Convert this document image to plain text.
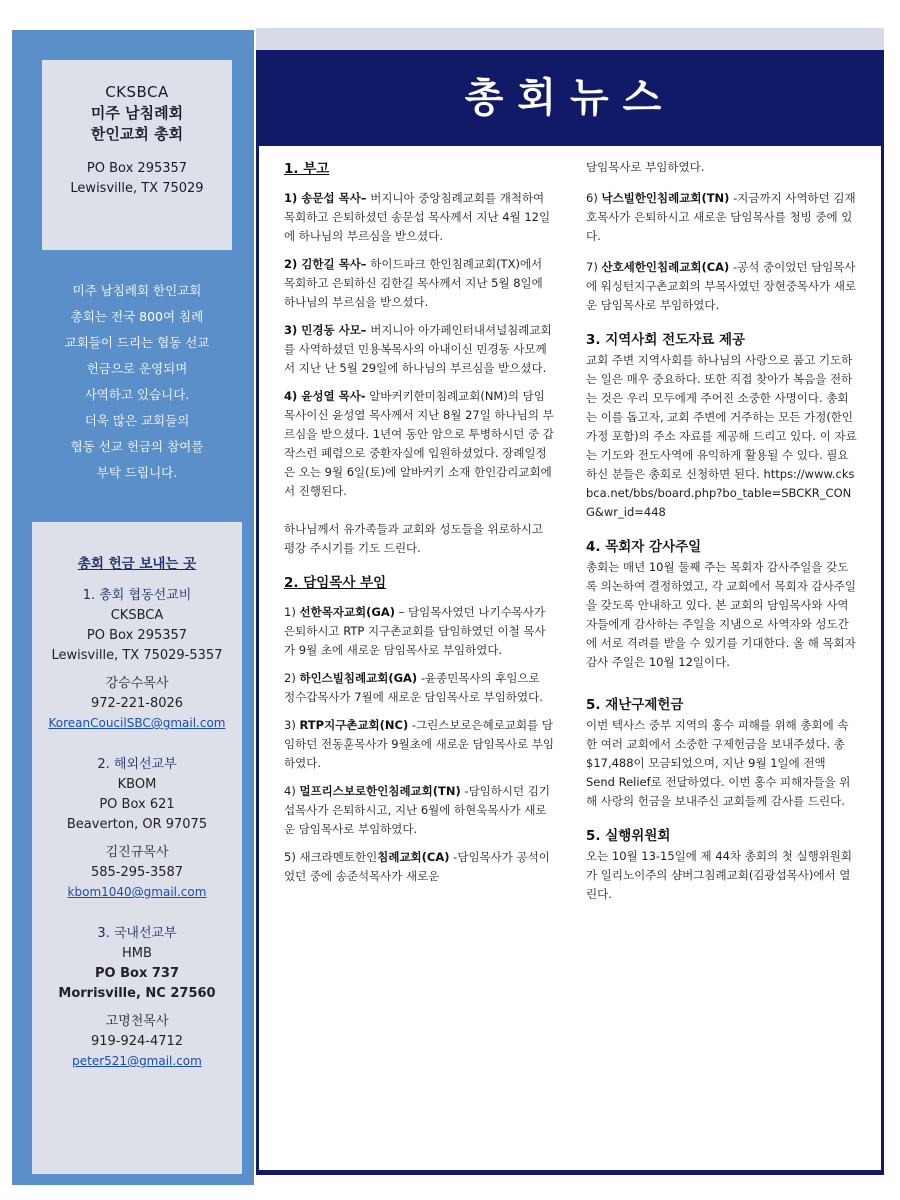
CKSBCA
미주 남침례회
한인교회 총회
PO Box 295357
Lewisville, TX 75029
미주 남침례회 한인교회
총회는 전국 800여 침례
교회들이 드리는 협동 선교
헌금으로 운영되며
사역하고 있습니다.
더욱 많은 교회들의
협동 선교 헌금의 참여를
부탁 드립니다.
총회 헌금 보내는 곳
1. 총회 협동선교비
CKSBCA
PO Box 295357
Lewisville, TX 75029-5357
강승수목사
972-221-8026
KoreanCoucilSBC@gmail.com
2. 해외선교부
KBOM
PO Box 621
Beaverton, OR 97075
김진규목사
585-295-3587
kbom1040@gmail.com
3. 국내선교부
HMB
PO Box 737
Morrisville, NC 27560
고명천목사
919-924-4712
peter521@gmail.com
총회뉴스
1. 부고
1) 송문섭 목사– 버지니아 중앙침례교회를 개척하여 목회하고 은퇴하셨던 송문섭 목사께서 지난 4월 12일에 하나님의 부르심을 받으셨다.
2) 김한길 목사– 하이드파크 한인침례교회(TX)에서 목회하고 은퇴하신 김한길 목사께서 지난 5월 8일에 하나님의 부르심을 받으셨다.
3) 민경동 사모– 버지니아 아가페인터내셔널침례교회를 사역하셨던 민용복목사의 아내이신 민경동 사모께서 지난 난 5월 29일에 하나님의 부르심을 받으셨다.
4) 윤성열 목사- 알바커키한미침례교회(NM)의 담임목사이신 윤성열 목사께서 지난 8월 27일 하나님의 부르심을 받으셨다. 1년여 동안 암으로 투병하시던 중 갑작스런 폐렴으로 중환자실에 입원하셨었다. 장례일정은 오는 9월 6일(토)에 알바커키 소재 한인감리교회에서 진행된다.
하나님께서 유가족들과 교회와 성도들을 위로하시고 평강 주시기를 기도 드린다.
2. 담임목사 부임
1) 선한목자교회(GA) – 담임목사였던 나기수목사가 은퇴하시고 RTP 지구촌교회를 담임하였던 이철 목사가 9월 초에 새로운 담임목사로 부임하였다.
2) 하인스빌침례교회(GA) -윤종민목사의 후임으로 정수갑목사가 7월에 새로운 담임목사로 부임하였다.
3) RTP지구촌교회(NC) -그린스보로은혜로교회를 담임하던 전동훈목사가 9월초에 새로운 담임목사로 부임하였다.
4) 멀프리스보로한인침례교회(TN) -담임하시던 김기섭목사가 은퇴하시고, 지난 6월에 하현욱목사가 새로운 담임목사로 부임하였다.
5) 새크라멘토한인침례교회(CA) -담임목사가 공석이었던 중에 송준석목사가 새로운
담임목사로 부임하였다.
6) 낙스빌한인침례교회(TN) -지금까지 사역하던 김재호목사가 은퇴하시고 새로운 담임목사를 청빙 중에 있다.
7) 산호세한인침례교회(CA) -공석 중이었던 담임목사에 워싱턴지구촌교회의 부목사였던 장현중목사가 새로운 담임목사로 부임하였다.
3. 지역사회 전도자료 제공
교회 주변 지역사회를 하나님의 사랑으로 품고 기도하는 일은 매우 중요하다. 또한 직접 찾아가 복음을 전하는 것은 우리 모두에게 주어진 소중한 사명이다. 총회는 이를 돕고자, 교회 주변에 거주하는 모든 가정(한인 가정 포함)의 주소 자료를 제공해 드리고 있다. 이 자료는 기도와 전도사역에 유익하게 활용될 수 있다. 필요하신 분들은 총회로 신청하면 된다. https://www.cksbca.net/bbs/board.php?bo_table=SBCKR_CONG&wr_id=448
4. 목회자 감사주일
총회는 매년 10월 둘째 주는 목회자 감사주일을 갖도록 의논하여 결정하였고, 각 교회에서 목회자 감사주일을 갖도록 안내하고 있다. 본 교회의 담임목사와 사역자들에게 감사하는 주일을 지냄으로 사역자와 성도간에 서로 격려를 받을 수 있기를 기대한다. 올 해 목회자 감사 주일은 10월 12일이다.
5. 재난구제헌금
이번 텍사스 중부 지역의 홍수 피해를 위해 총회에 속한 여러 교회에서 소중한 구제헌금을 보내주셨다. 총 $17,488이 모금되었으며, 지난 9월 1일에 전액 Send Relief로 전달하였다. 이번 홍수 피해자들을 위해 사랑의 헌금을 보내주신 교회들께 감사를 드린다.
5. 실행위원회
오는 10월 13-15일에 제 44차 총회의 첫 실행위원회가 일리노이주의 샴버그침례교회(김광섭목사)에서 열린다.
